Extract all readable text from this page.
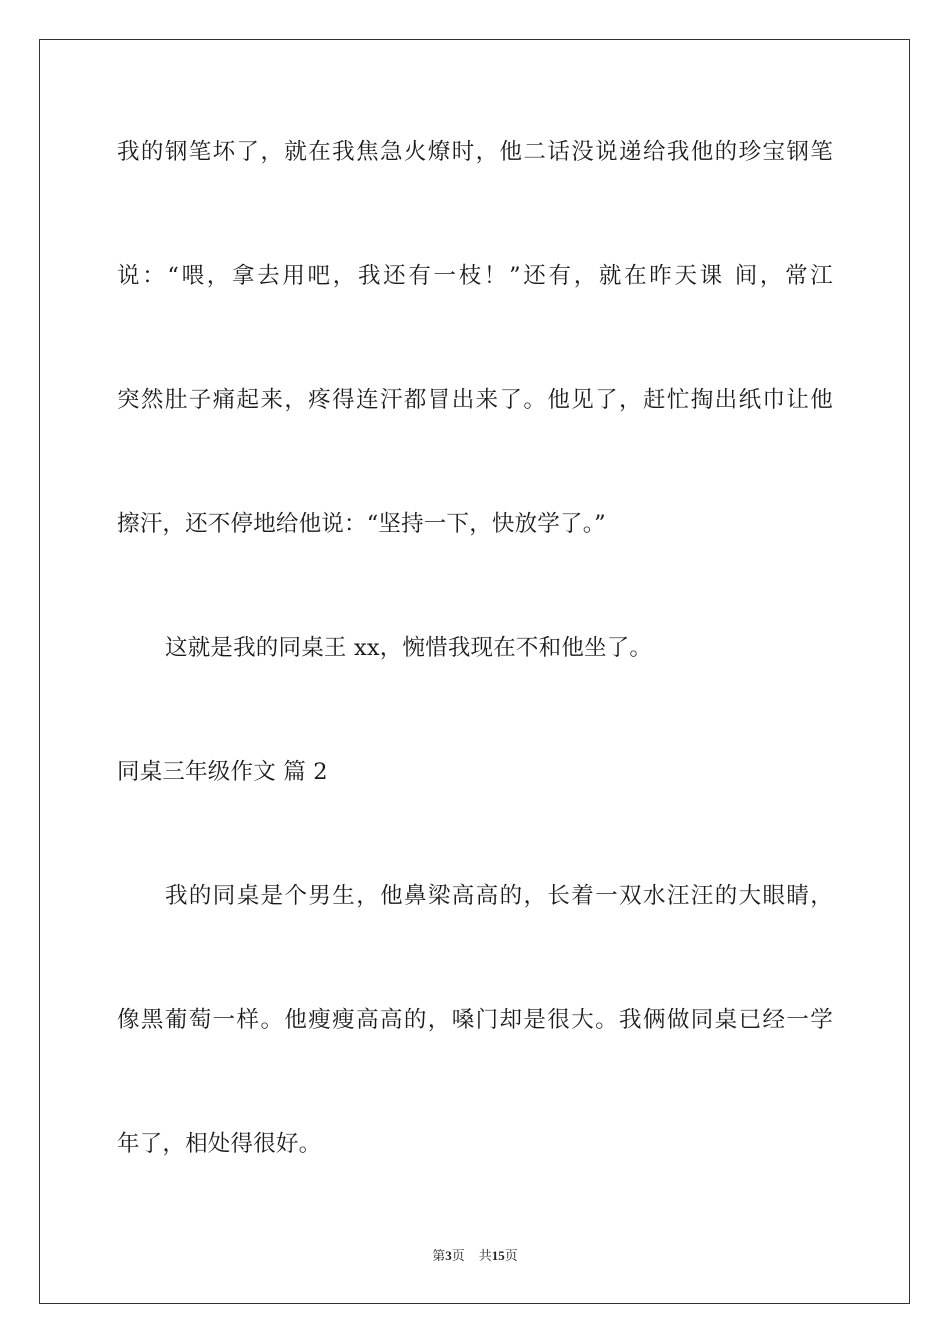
我的钢笔坏了，就在我焦急火燎时，他二话没说递给我他的珍宝钢笔
说：“喂，拿去用吧，我还有一枝！”还有，就在昨天课 间，常江
突然肚子痛起来，疼得连汗都冒出来了。他见了，赶忙掏出纸巾让他
擦汗，还不停地给他说：“坚持一下，快放学了。”
这就是我的同桌王 xx，惋惜我现在不和他坐了。
同桌三年级作文 篇 2
我的同桌是个男生，他鼻梁高高的，长着一双水汪汪的大眼睛，
像黑葡萄一样。他瘦瘦高高的，嗓门却是很大。我俩做同桌已经一学
年了，相处得很好。
第3页 共15页
